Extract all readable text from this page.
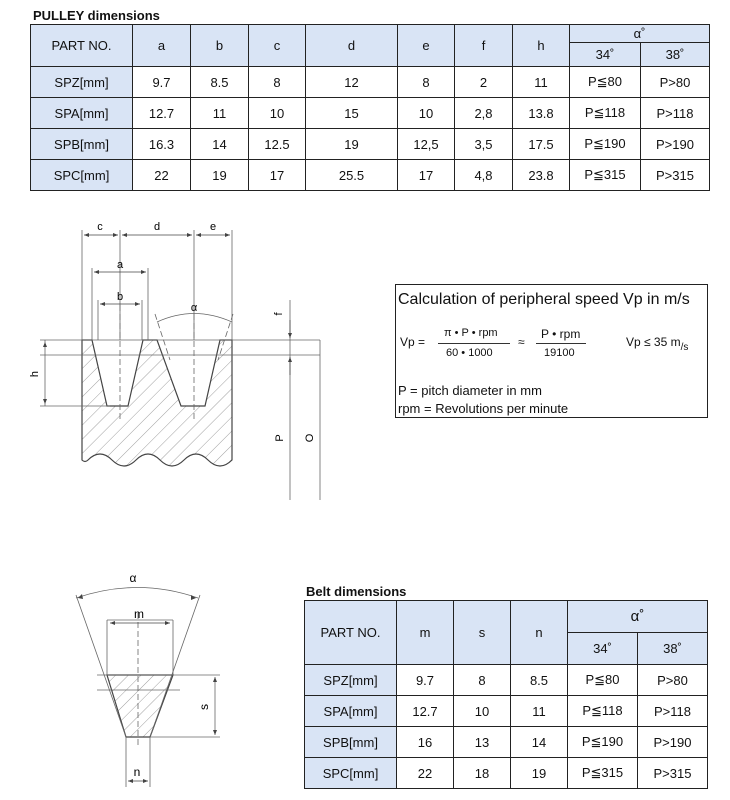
PULLEY dimensions
PART NO.	a	b	c	d	e	f	h	α˚	
								34˚	38˚
SPZ[mm]	9.7	8.5	8	12	8	2	11	P≦80	P>80
SPA[mm]	12.7	11	10	15	10	2,8	13.8	P≦118	P>118
SPB[mm]	16.3	14	12.5	19	12,5	3,5	17.5	P≦190	P>190
SPC[mm]	22	19	17	25.5	17	4,8	23.8	P≦315	P>315
c	d	e
a
b
α	f
h
P O
Calculation of peripheral speed Vp in m/s
Vp =
π • P • rpm
60 • 1000
≈
P • rpm
19100
Vp ≤ 35 $m_{/s}$
P = pitch diameter in mm
rpm = Revolutions per minute
α
m
s
n
Belt dimensions
PART NO.	m	s	n	α˚	
				34˚	38˚
SPZ[mm]	9.7	8	8.5	P≦80	P>80
SPA[mm]	12.7	10	11	P≦118	P>118
SPB[mm]	16	13	14	P≦190	P>190
SPC[mm]	22	18	19	P≦315	P>315
